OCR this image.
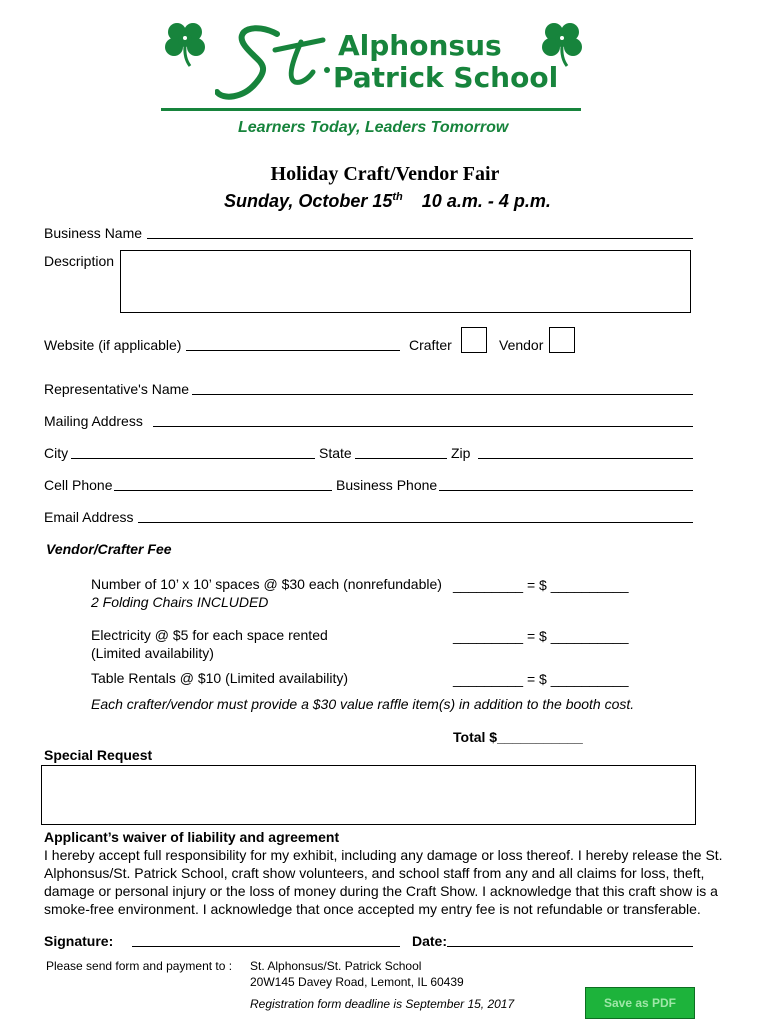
Alphonsus
Patrick School
Learners Today, Leaders Tomorrow
Holiday Craft/Vendor Fair
Sunday, October 15th 10 a.m. - 4 p.m.
Business Name
Description
Website (if applicable)	Crafter	Vendor
Representative's Name
Mailing Address
City	State	Zip
Cell Phone	Business Phone
Email Address
Vendor/Crafter Fee
Number of 10’ x 10’ spaces @ $30 each (nonrefundable)
2 Folding Chairs INCLUDED
_________ = $ __________
Electricity @ $5 for each space rented
(Limited availability)
_________ = $ __________
Table Rentals @ $10 (Limited availability)	_________ = $ __________
Each crafter/vendor must provide a $30 value raffle item(s) in addition to the booth cost.
Total $___________
Special Request
Applicant’s waiver of liability and agreement
I hereby accept full responsibility for my exhibit, including any damage or loss thereof. I hereby release the St.
Alphonsus/St. Patrick School, craft show volunteers, and school staff from any and all claims for loss, theft,
damage or personal injury or the loss of money during the Craft Show. I acknowledge that this craft show is a
smoke-free environment. I acknowledge that once accepted my entry fee is not refundable or transferable.
Signature:	Date:
Please send form and payment to : St. Alphonsus/St. Patrick School
20W145 Davey Road, Lemont, IL 60439
Registration form deadline is September 15, 2017	Save as PDF
